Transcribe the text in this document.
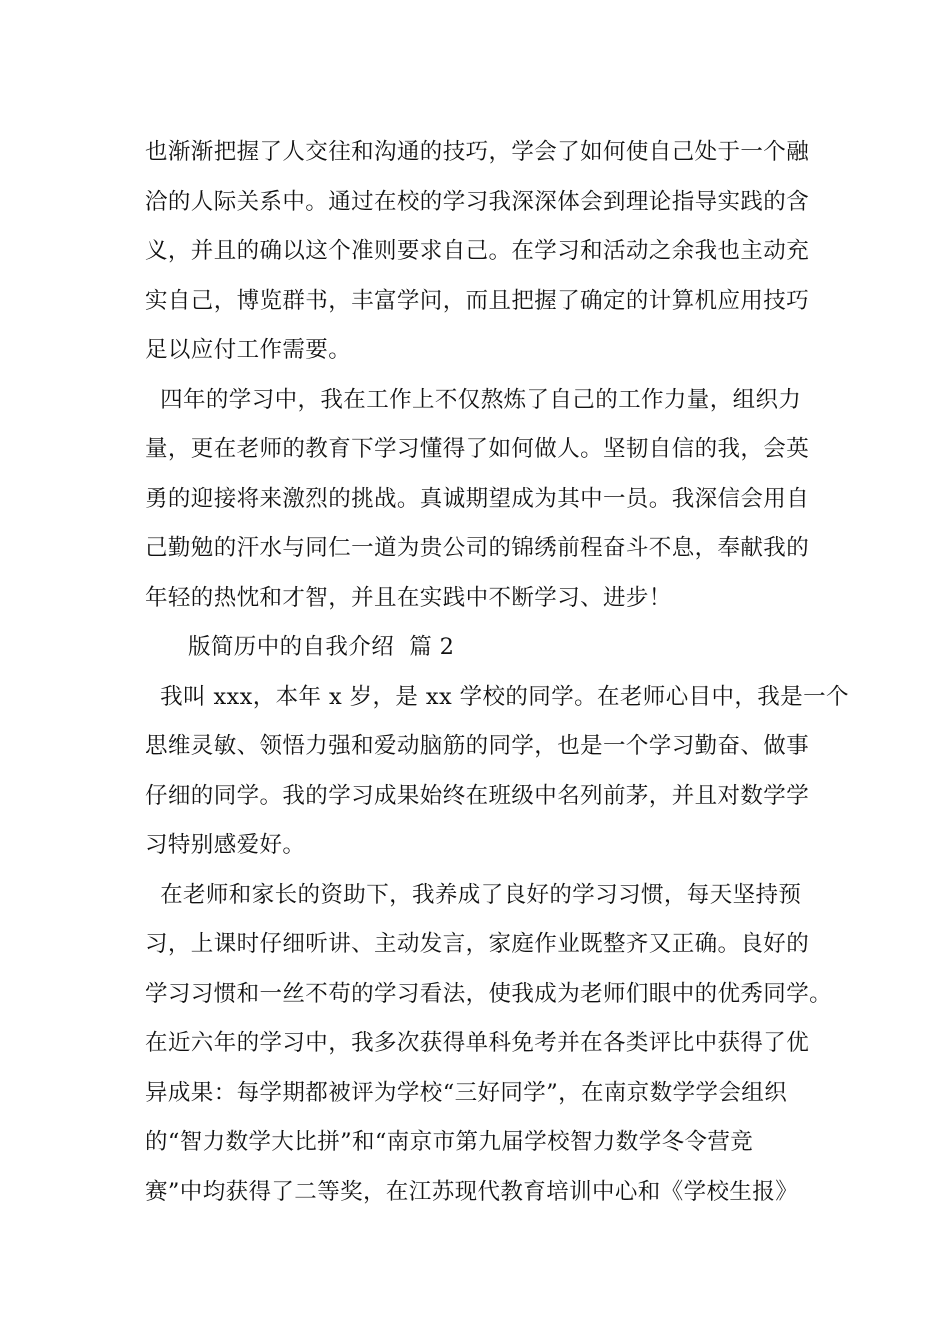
也渐渐把握了人交往和沟通的技巧，学会了如何使自己处于一个融
洽的人际关系中。通过在校的学习我深深体会到理论指导实践的含
义，并且的确以这个准则要求自己。在学习和活动之余我也主动充
实自己，博览群书，丰富学问，而且把握了确定的计算机应用技巧
足以应付工作需要。
四年的学习中，我在工作上不仅熬炼了自己的工作力量，组织力
量，更在老师的教育下学习懂得了如何做人。坚韧自信的我，会英
勇的迎接将来激烈的挑战。真诚期望成为其中一员。我深信会用自
己勤勉的汗水与同仁一道为贵公司的锦绣前程奋斗不息，奉献我的
年轻的热忱和才智，并且在实践中不断学习、进步！
版简历中的自我介绍  篇 2
我叫 xxx，本年 x 岁，是 xx 学校的同学。在老师心目中，我是一个
思维灵敏、领悟力强和爱动脑筋的同学，也是一个学习勤奋、做事
仔细的同学。我的学习成果始终在班级中名列前茅，并且对数学学
习特别感爱好。
在老师和家长的资助下，我养成了良好的学习习惯，每天坚持预
习，上课时仔细听讲、主动发言，家庭作业既整齐又正确。良好的
学习习惯和一丝不苟的学习看法，使我成为老师们眼中的优秀同学。
在近六年的学习中，我多次获得单科免考并在各类评比中获得了优
异成果：每学期都被评为学校“三好同学”，在南京数学学会组织
的“智力数学大比拼”和“南京市第九届学校智力数学冬令营竞
赛”中均获得了二等奖，在江苏现代教育培训中心和《学校生报》
